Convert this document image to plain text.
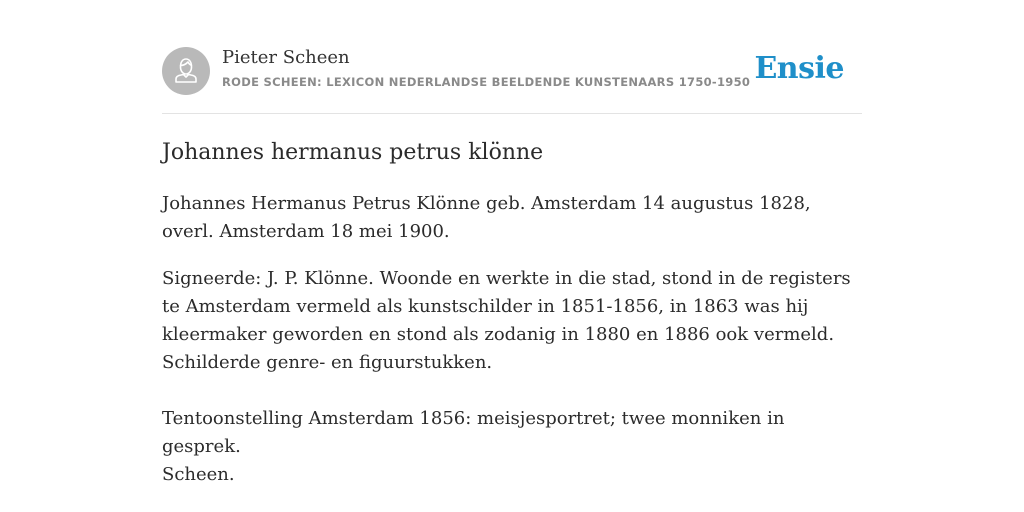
Pieter Scheen
RODE SCHEEN: LEXICON NEDERLANDSE BEELDENDE KUNSTENAARS 1750-1950 Ensie
Johannes hermanus petrus klönne

Johannes Hermanus Petrus Klönne geb. Amsterdam 14 augustus 1828, overl. Amsterdam 18 mei 1900.

Signeerde: J. P. Klönne. Woonde en werkte in die stad, stond in de registers te Amsterdam vermeld als kunstschilder in 1851-1856, in 1863 was hij kleermaker geworden en stond als zodanig in 1880 en 1886 ook vermeld. Schilderde genre- en figuurstukken.

Tentoonstelling Amsterdam 1856: meisjesportret; twee monniken in gesprek.

Scheen.
